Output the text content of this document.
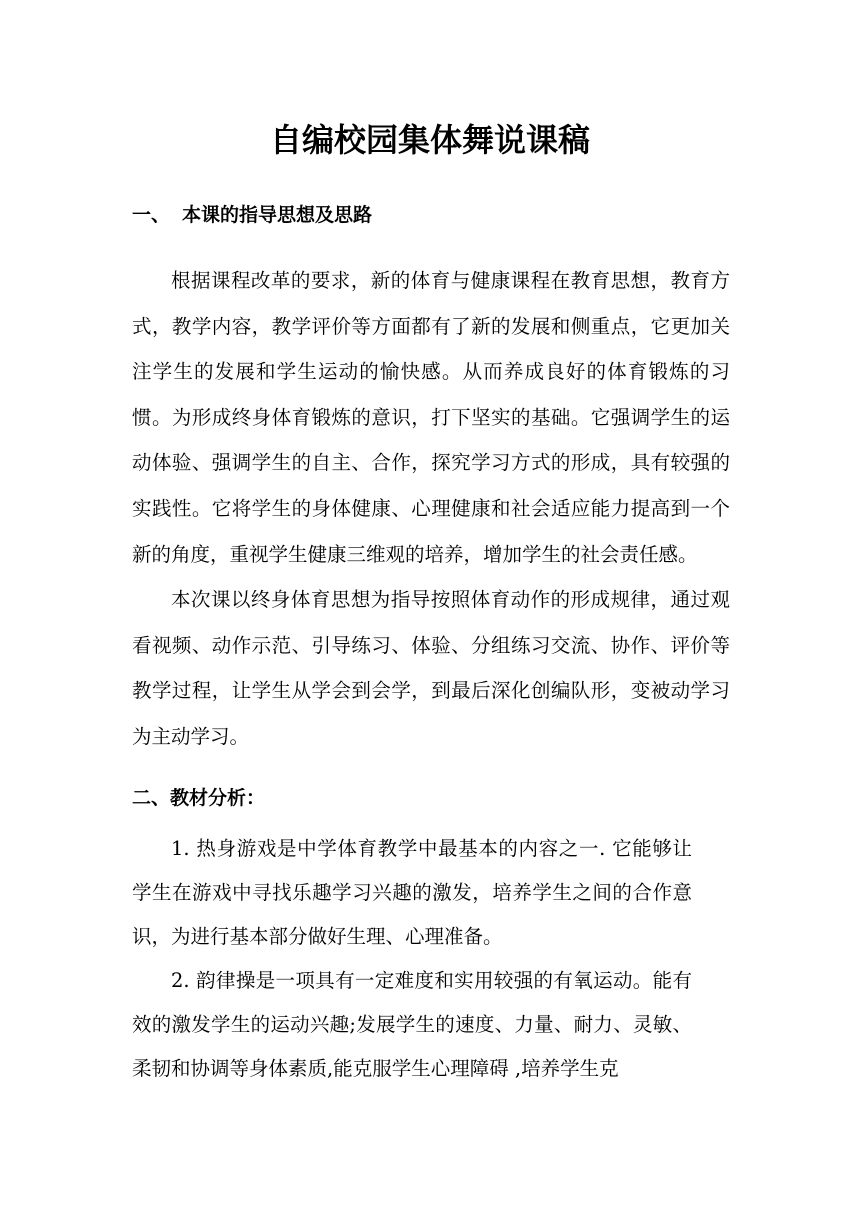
自编校园集体舞说课稿
一、 本课的指导思想及思路

根据课程改革的要求，新的体育与健康课程在教育思想，教育方式，教学内容，教学评价等方面都有了新的发展和侧重点，它更加关注学生的发展和学生运动的愉快感。从而养成良好的体育锻炼的习惯。为形成终身体育锻炼的意识，打下坚实的基础。它强调学生的运动体验、强调学生的自主、合作，探究学习方式的形成，具有较强的实践性。它将学生的身体健康、心理健康和社会适应能力提高到一个新的角度，重视学生健康三维观的培养，增加学生的社会责任感。

本次课以终身体育思想为指导按照体育动作的形成规律，通过观看视频、动作示范、引导练习、体验、分组练习交流、协作、评价等教学过程，让学生从学会到会学，到最后深化创编队形，变被动学习为主动学习。

二、教材分析：

1. 热身游戏是中学体育教学中最基本的内容之一. 它能够让学生在游戏中寻找乐趣学习兴趣的激发，培养学生之间的合作意识，为进行基本部分做好生理、心理准备。

2. 韵律操是一项具有一定难度和实用较强的有氧运动。能有效的激发学生的运动兴趣;发展学生的速度、力量、耐力、灵敏、柔韧和协调等身体素质,能克服学生心理障碍 ,培养学生克
